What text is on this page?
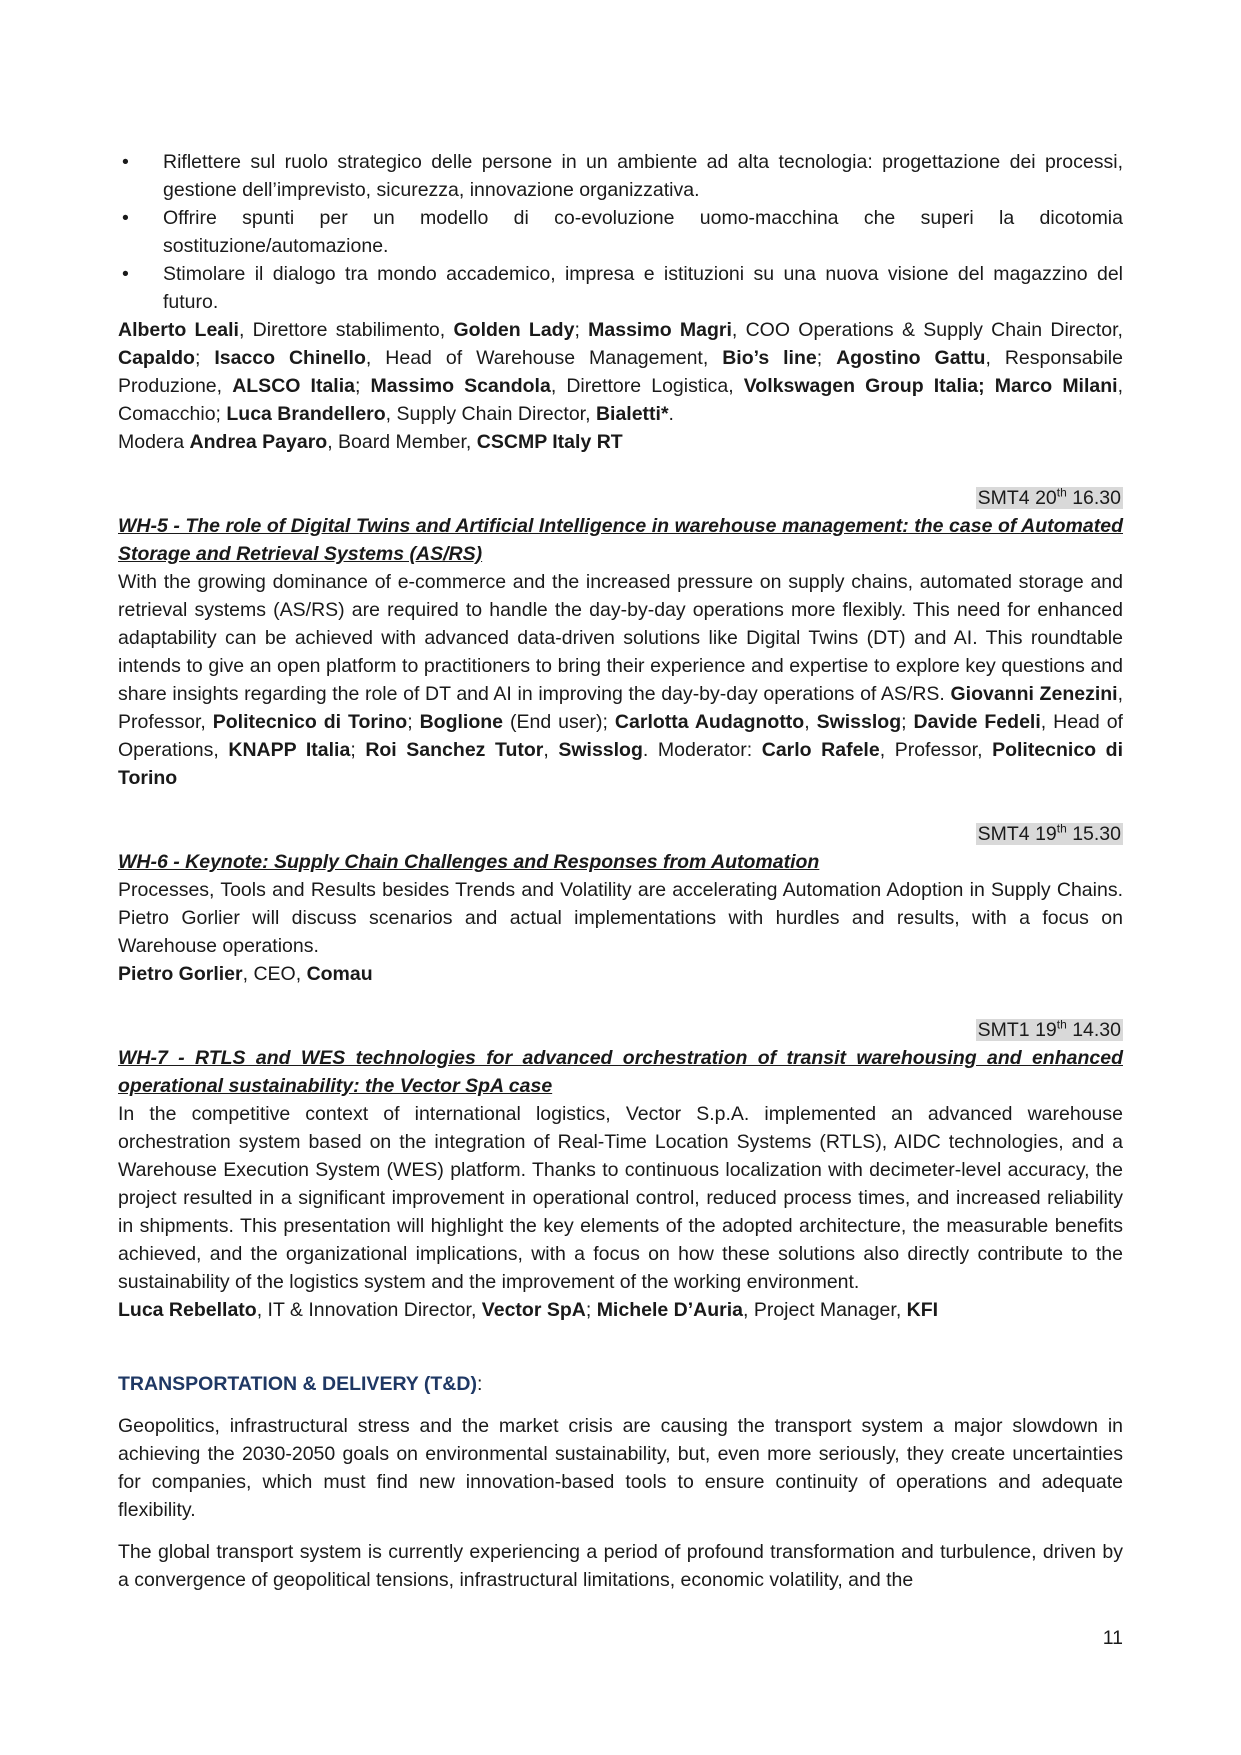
• Riflettere sul ruolo strategico delle persone in un ambiente ad alta tecnologia: progettazione dei processi, gestione dell’imprevisto, sicurezza, innovazione organizzativa.
• Offrire spunti per un modello di co-evoluzione uomo-macchina che superi la dicotomia sostituzione/automazione.
• Stimolare il dialogo tra mondo accademico, impresa e istituzioni su una nuova visione del magazzino del futuro.

Alberto Leali, Direttore stabilimento, Golden Lady; Massimo Magri, COO Operations & Supply Chain Director, Capaldo; Isacco Chinello, Head of Warehouse Management, Bio’s line; Agostino Gattu, Responsabile Produzione, ALSCO Italia; Massimo Scandola, Direttore Logistica, Volkswagen Group Italia; Marco Milani, Comacchio; Luca Brandellero, Supply Chain Director, Bialetti*.

Modera Andrea Payaro, Board Member, CSCMP Italy RT

SMT4 20th 16.30

WH-5 - The role of Digital Twins and Artificial Intelligence in warehouse management: the case of Automated Storage and Retrieval Systems (AS/RS)

With the growing dominance of e-commerce and the increased pressure on supply chains, automated storage and retrieval systems (AS/RS) are required to handle the day-by-day operations more flexibly. This need for enhanced adaptability can be achieved with advanced data-driven solutions like Digital Twins (DT) and AI. This roundtable intends to give an open platform to practitioners to bring their experience and expertise to explore key questions and share insights regarding the role of DT and AI in improving the day-by-day operations of AS/RS. Giovanni Zenezini, Professor, Politecnico di Torino; Boglione (End user); Carlotta Audagnotto, Swisslog; Davide Fedeli, Head of Operations, KNAPP Italia; Roi Sanchez Tutor, Swisslog. Moderator: Carlo Rafele, Professor, Politecnico di Torino

SMT4 19th 15.30

WH-6 - Keynote: Supply Chain Challenges and Responses from Automation

Processes, Tools and Results besides Trends and Volatility are accelerating Automation Adoption in Supply Chains. Pietro Gorlier will discuss scenarios and actual implementations with hurdles and results, with a focus on Warehouse operations.

Pietro Gorlier, CEO, Comau

SMT1 19th 14.30

WH-7 - RTLS and WES technologies for advanced orchestration of transit warehousing and enhanced operational sustainability: the Vector SpA case

In the competitive context of international logistics, Vector S.p.A. implemented an advanced warehouse orchestration system based on the integration of Real-Time Location Systems (RTLS), AIDC technologies, and a Warehouse Execution System (WES) platform. Thanks to continuous localization with decimeter-level accuracy, the project resulted in a significant improvement in operational control, reduced process times, and increased reliability in shipments. This presentation will highlight the key elements of the adopted architecture, the measurable benefits achieved, and the organizational implications, with a focus on how these solutions also directly contribute to the sustainability of the logistics system and the improvement of the working environment.

Luca Rebellato, IT & Innovation Director, Vector SpA; Michele D’Auria, Project Manager, KFI

TRANSPORTATION & DELIVERY (T&D):

Geopolitics, infrastructural stress and the market crisis are causing the transport system a major slowdown in achieving the 2030-2050 goals on environmental sustainability, but, even more seriously, they create uncertainties for companies, which must find new innovation-based tools to ensure continuity of operations and adequate flexibility.

The global transport system is currently experiencing a period of profound transformation and turbulence, driven by a convergence of geopolitical tensions, infrastructural limitations, economic volatility, and the

11
